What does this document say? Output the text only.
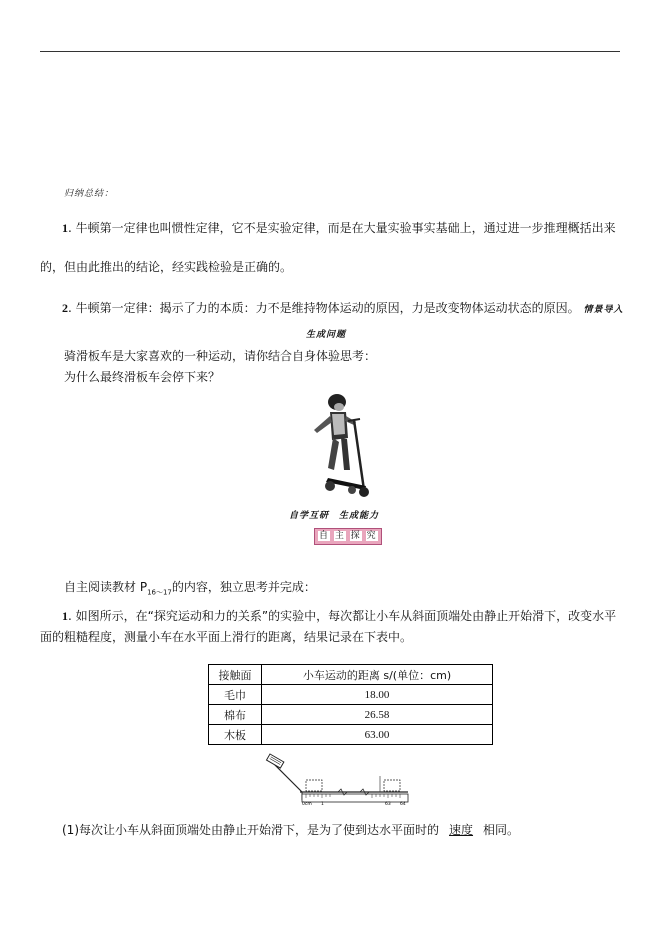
归纳总结：
1. 牛顿第一定律也叫惯性定律，它不是实验定律，而是在大量实验事实基础上，通过进一步推理概括出来
的，但由此推出的结论，经实践检验是正确的。
2. 牛顿第一定律：揭示了力的本质：力不是维持物体运动的原因，力是改变物体运动状态的原因。 情景导入
生成问题
骑滑板车是大家喜欢的一种运动，请你结合自身体验思考：
为什么最终滑板车会停下来？
自学互研　生成能力
自 主 探 究
自主阅读教材 $P_{16\sim 17}$的内容，独立思考并完成：
1. 如图所示，在“探究运动和力的关系”的实验中，每次都让小车从斜面顶端处由静止开始滑下，改变水平
面的粗糙程度，测量小车在水平面上滑行的距离，结果记录在下表中。
接触面	小车运动的距离 s/(单位：cm)
毛巾	18.00
棉布	26.58
木板	63.00
0cm 1	63 64
(1)每次让小车从斜面顶端处由静止开始滑下，是为了使到达水平面时的 速度 相同。
